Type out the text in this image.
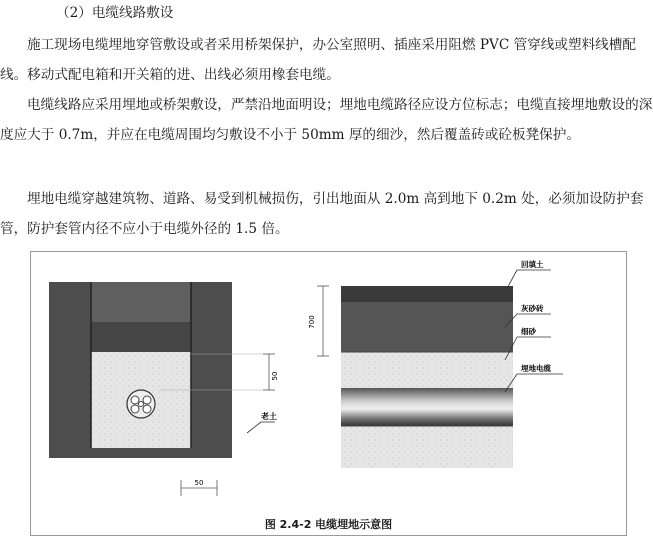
（2）电缆线路敷设

施工现场电缆埋地穿管敷设或者采用桥架保护，办公室照明、插座采用阻燃 PVC 管穿线或塑料线槽配线。移动式配电箱和开关箱的进、出线必须用橡套电缆。

电缆线路应采用埋地或桥架敷设，严禁沿地面明设；埋地电缆路径应设方位标志；电缆直接埋地敷设的深度应大于 0.7m，并应在电缆周围均匀敷设不小于 50mm 厚的细沙，然后覆盖砖或砼板凳保护。

埋地电缆穿越建筑物、道路、易受到机械损伤，引出地面从 2.0m 高到地下 0.2m 处，必须加设防护套管，防护套管内径不应小于电缆外径的 1.5 倍。

50
老土
50
700
回填土
灰砂砖
细砂
埋地电缆
图 2.4-2 电缆埋地示意图
